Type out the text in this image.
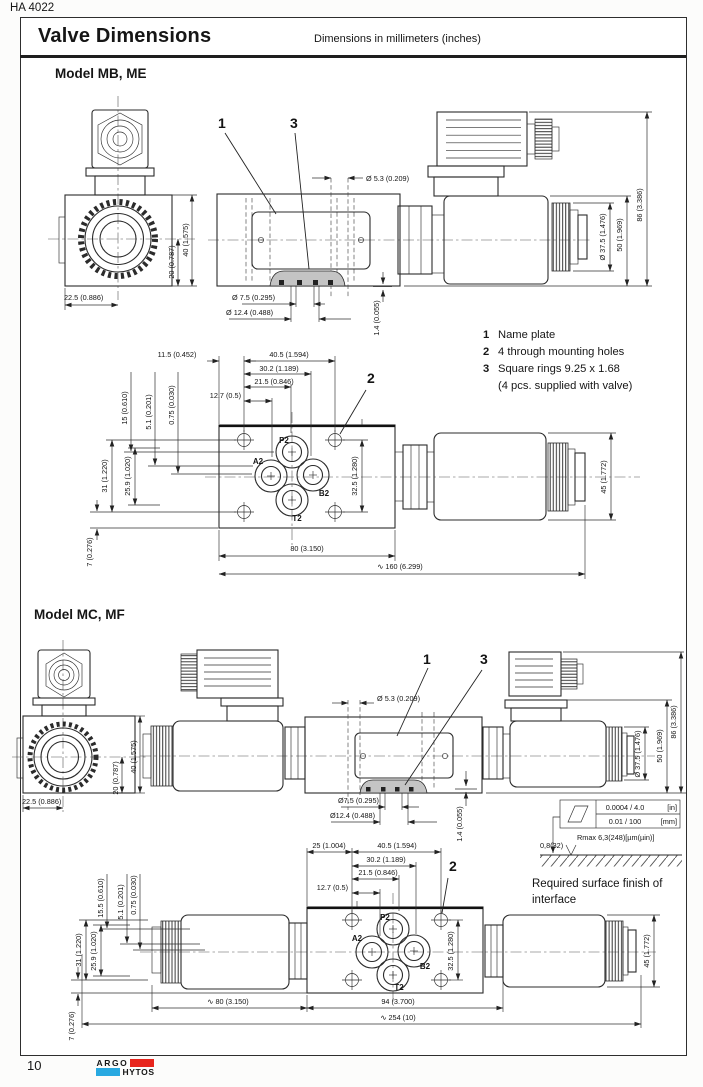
HA 4022
Valve Dimensions	Dimensions in millimeters (inches)
Model MB, ME
Model MC, MF
1 Name plate
2 4 through mounting holes
3 Square rings 9.25 x 1.68
(4 pcs. supplied with valve)
20 (0.787)
40 (1.575)
22.5 (0.886)
Ø 5.3 (0.209)
Ø 7.5 (0.295)
Ø 12.4 (0.488)	1.4 (0.055)
Ø 37.5 (1.476) 50 (1.969)
86 (3.386)
1	3
P2
A2
B2
T2
2
11.5 (0.452)	40.5 (1.594)
30.2 (1.189)
21.5 (0.846)
12.7 (0.5)
15 (0.610) 5.1 (0.201) 0.75 (0.030)
31 (1.220) 25.9 (1.020)
7 (0.276)
32.5 (1.280)
80 (3.150)
∿ 160 (6.299)
45 (1.772)
20 (0.787)
40 (1.575)
22.5 (0.886)
Ø 5.3 (0.209)
Ø7.5 (0.295)
Ø12.4 (0.488)	1.4 (0.055)
Ø 37.5 (1.476) 50 (1.969)
86 (3.386)
1	3
0.0004 / 4.0	[in]
0.01 / 100	[mm]
Rmax 6,3(248)[µm(µin)]
0,8(32)
Required surface finish of
interface
P2
A2
B2
T2
2
25 (1.004)	40.5 (1.594)
30.2 (1.189)
21.5 (0.846)
12.7 (0.5)
15.5 (0.610) 5.1 (0.201) 0.75 (0.030)
31 (1.220) 25.9 (1.020)
7 (0.276)
32.5 (1.280)
∿ 80 (3.150)	94 (3.700)
∿ 254 (10)
45 (1.772)
10	ARGO
HYTOS
